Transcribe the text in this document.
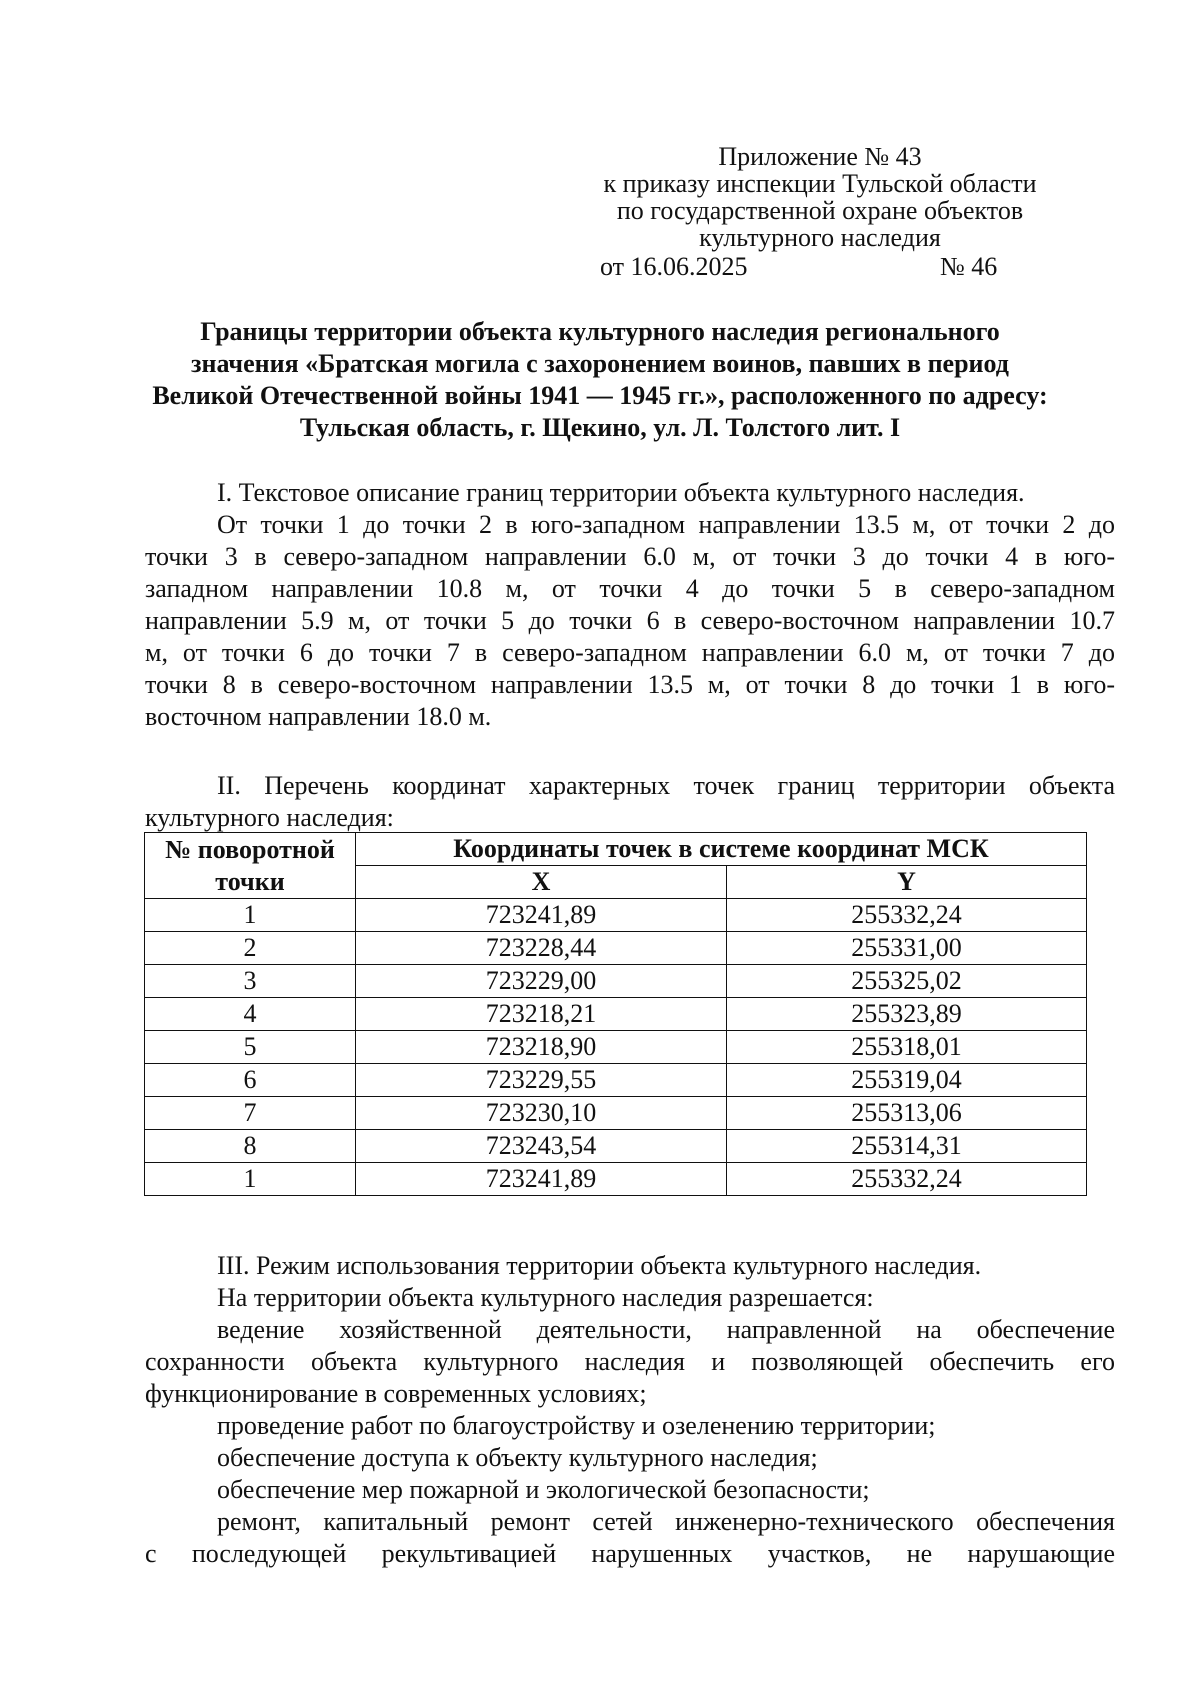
Приложение № 43
к приказу инспекции Тульской области
по государственной охране объектов
культурного наследия
от 16.06.2025	№ 46
Границы территории объекта культурного наследия регионального
значения «Братская могила с захоронением воинов, павших в период
Великой Отечественной войны 1941 — 1945 гг.», расположенного по адресу:
Тульская область, г. Щекино, ул. Л. Толстого лит. I
I. Текстовое описание границ территории объекта культурного наследия.
От точки 1 до точки 2 в юго-западном направлении 13.5 м, от точки 2 до
точки 3 в северо-западном направлении 6.0 м, от точки 3 до точки 4 в юго-
западном направлении 10.8 м, от точки 4 до точки 5 в северо-западном
направлении 5.9 м, от точки 5 до точки 6 в северо-восточном направлении 10.7
м, от точки 6 до точки 7 в северо-западном направлении 6.0 м, от точки 7 до
точки 8 в северо-восточном направлении 13.5 м, от точки 8 до точки 1 в юго-
восточном направлении 18.0 м.
II. Перечень координат характерных точек границ территории объекта
культурного наследия:
№ поворотной точки	Координаты точек в системе координат МСК	
	X	Y
1	723241,89	255332,24
2	723228,44	255331,00
3	723229,00	255325,02
4	723218,21	255323,89
5	723218,90	255318,01
6	723229,55	255319,04
7	723230,10	255313,06
8	723243,54	255314,31
1	723241,89	255332,24
III. Режим использования территории объекта культурного наследия.
На территории объекта культурного наследия разрешается:
ведение хозяйственной деятельности, направленной на обеспечение
сохранности объекта культурного наследия и позволяющей обеспечить его
функционирование в современных условиях;
проведение работ по благоустройству и озеленению территории;
обеспечение доступа к объекту культурного наследия;
обеспечение мер пожарной и экологической безопасности;
ремонт, капитальный ремонт сетей инженерно-технического обеспечения
с последующей рекультивацией нарушенных участков, не нарушающие
